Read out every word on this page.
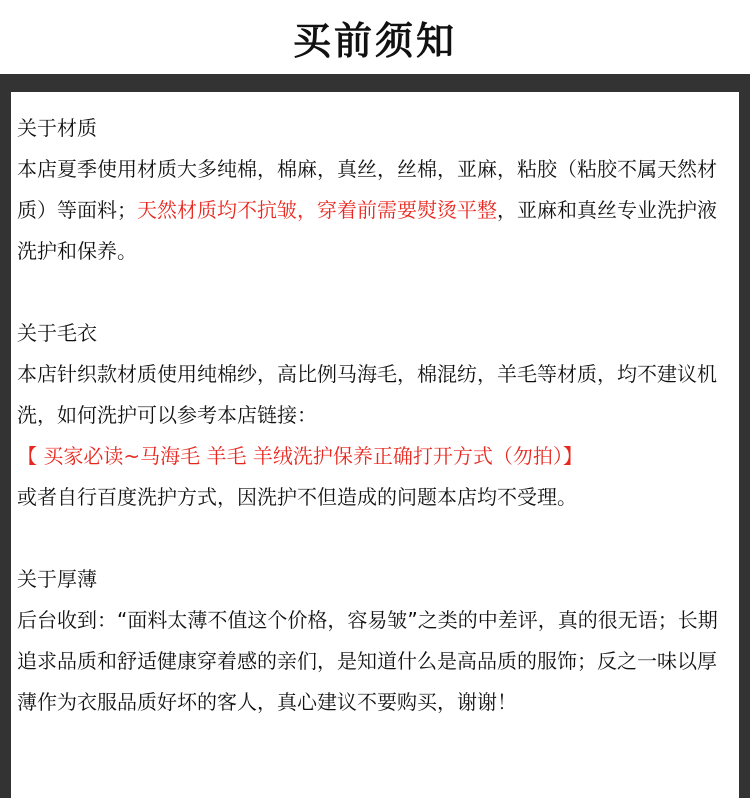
买前须知
关于材质
本店夏季使用材质大多纯棉，棉麻，真丝，丝棉，亚麻，粘胶（粘胶不属天然材质）等面料；天然材质均不抗皱，穿着前需要熨烫平整，亚麻和真丝专业洗护液洗护和保养。
关于毛衣
本店针织款材质使用纯棉纱，高比例马海毛，棉混纺，羊毛等材质，均不建议机洗，如何洗护可以参考本店链接：
【 买家必读~马海毛 羊毛 羊绒洗护保养正确打开方式（勿拍）】
或者自行百度洗护方式，因洗护不但造成的问题本店均不受理。
关于厚薄
后台收到：“面料太薄不值这个价格，容易皱”之类的中差评，真的很无语；长期追求品质和舒适健康穿着感的亲们，是知道什么是高品质的服饰；反之一味以厚薄作为衣服品质好坏的客人，真心建议不要购买，谢谢！
